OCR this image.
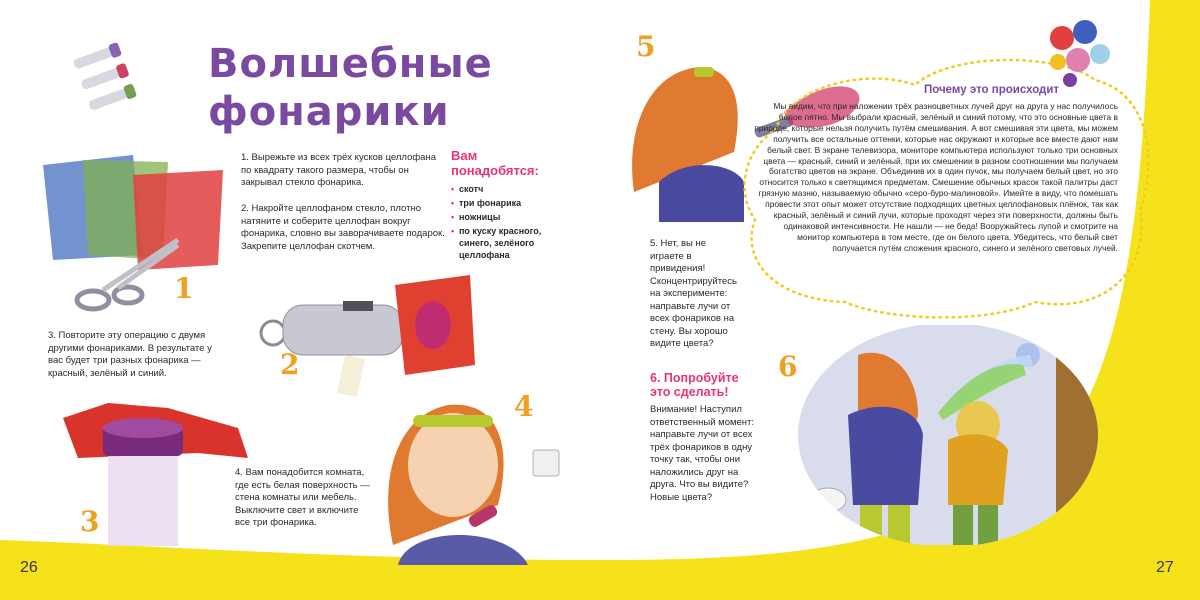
Волшебные
фонарики
1
1. Вырежьте из всех трёх кусков целлофана по квадрату такого размера, чтобы он закрывал стекло фонарика.
2. Накройте целлофаном стекло, плотно натяните и соберите целлофан вокруг фонарика, словно вы заворачиваете подарок. Закрепите целлофан скотчем.
Вам понадобятся:
• скотч
• три фонарика
• ножницы
• по куску красного, синего, зелёного целлофана
3. Повторите эту операцию с двумя другими фонариками. В результате у вас будет три разных фонарика — красный, зелёный и синий.	2
3
4. Вам понадобится комната, где есть белая поверхность — стена комнаты или мебель. Выключите свет и включите все три фонарика.
4
26
5
5. Нет, вы не играете в привидения! Сконцентрируйтесь на эксперименте: направьте лучи от всех фонариков на стену. Вы хорошо видите цвета?
6. Попробуйте это сделать!
Внимание! Наступил ответственный момент: направьте лучи от всех трёх фонариков в одну точку так, чтобы они наложились друг на друга. Что вы видите? Новые цвета?
Почему это происходит
Мы видим, что при наложении трёх разноцветных лучей друг на друга у нас получилось белое пятно. Мы выбрали красный, зелёный и синий потому, что это основные цвета в природе, которые нельзя получить путём смешивания. А вот смешивая эти цвета, мы можем получить все остальные оттенки, которые нас окружают и которые все вместе дают нам белый свет. В экране телевизора, мониторе компьютера используют только три основных цвета — красный, синий и зелёный, при их смешении в разном соотношении мы получаем богатство цветов на экране. Объединив их в один пучок, мы получаем белый цвет, но это относится только к светящимся предметам. Смешение обычных красок такой палитры даст грязную мазню, называемую обычно «серо-буро-малиновой». Имейте в виду, что помешать провести этот опыт может отсутствие подходящих цветных целлофановых плёнок, так как красный, зелёный и синий лучи, которые проходят через эти поверхности, должны быть одинаковой интенсивности. Не нашли — не беда! Вооружайтесь лупой и смотрите на монитор компьютера в том месте, где он белого цвета. Убедитесь, что белый свет получается путём сложения красного, синего и зелёного световых лучей.
6
27
